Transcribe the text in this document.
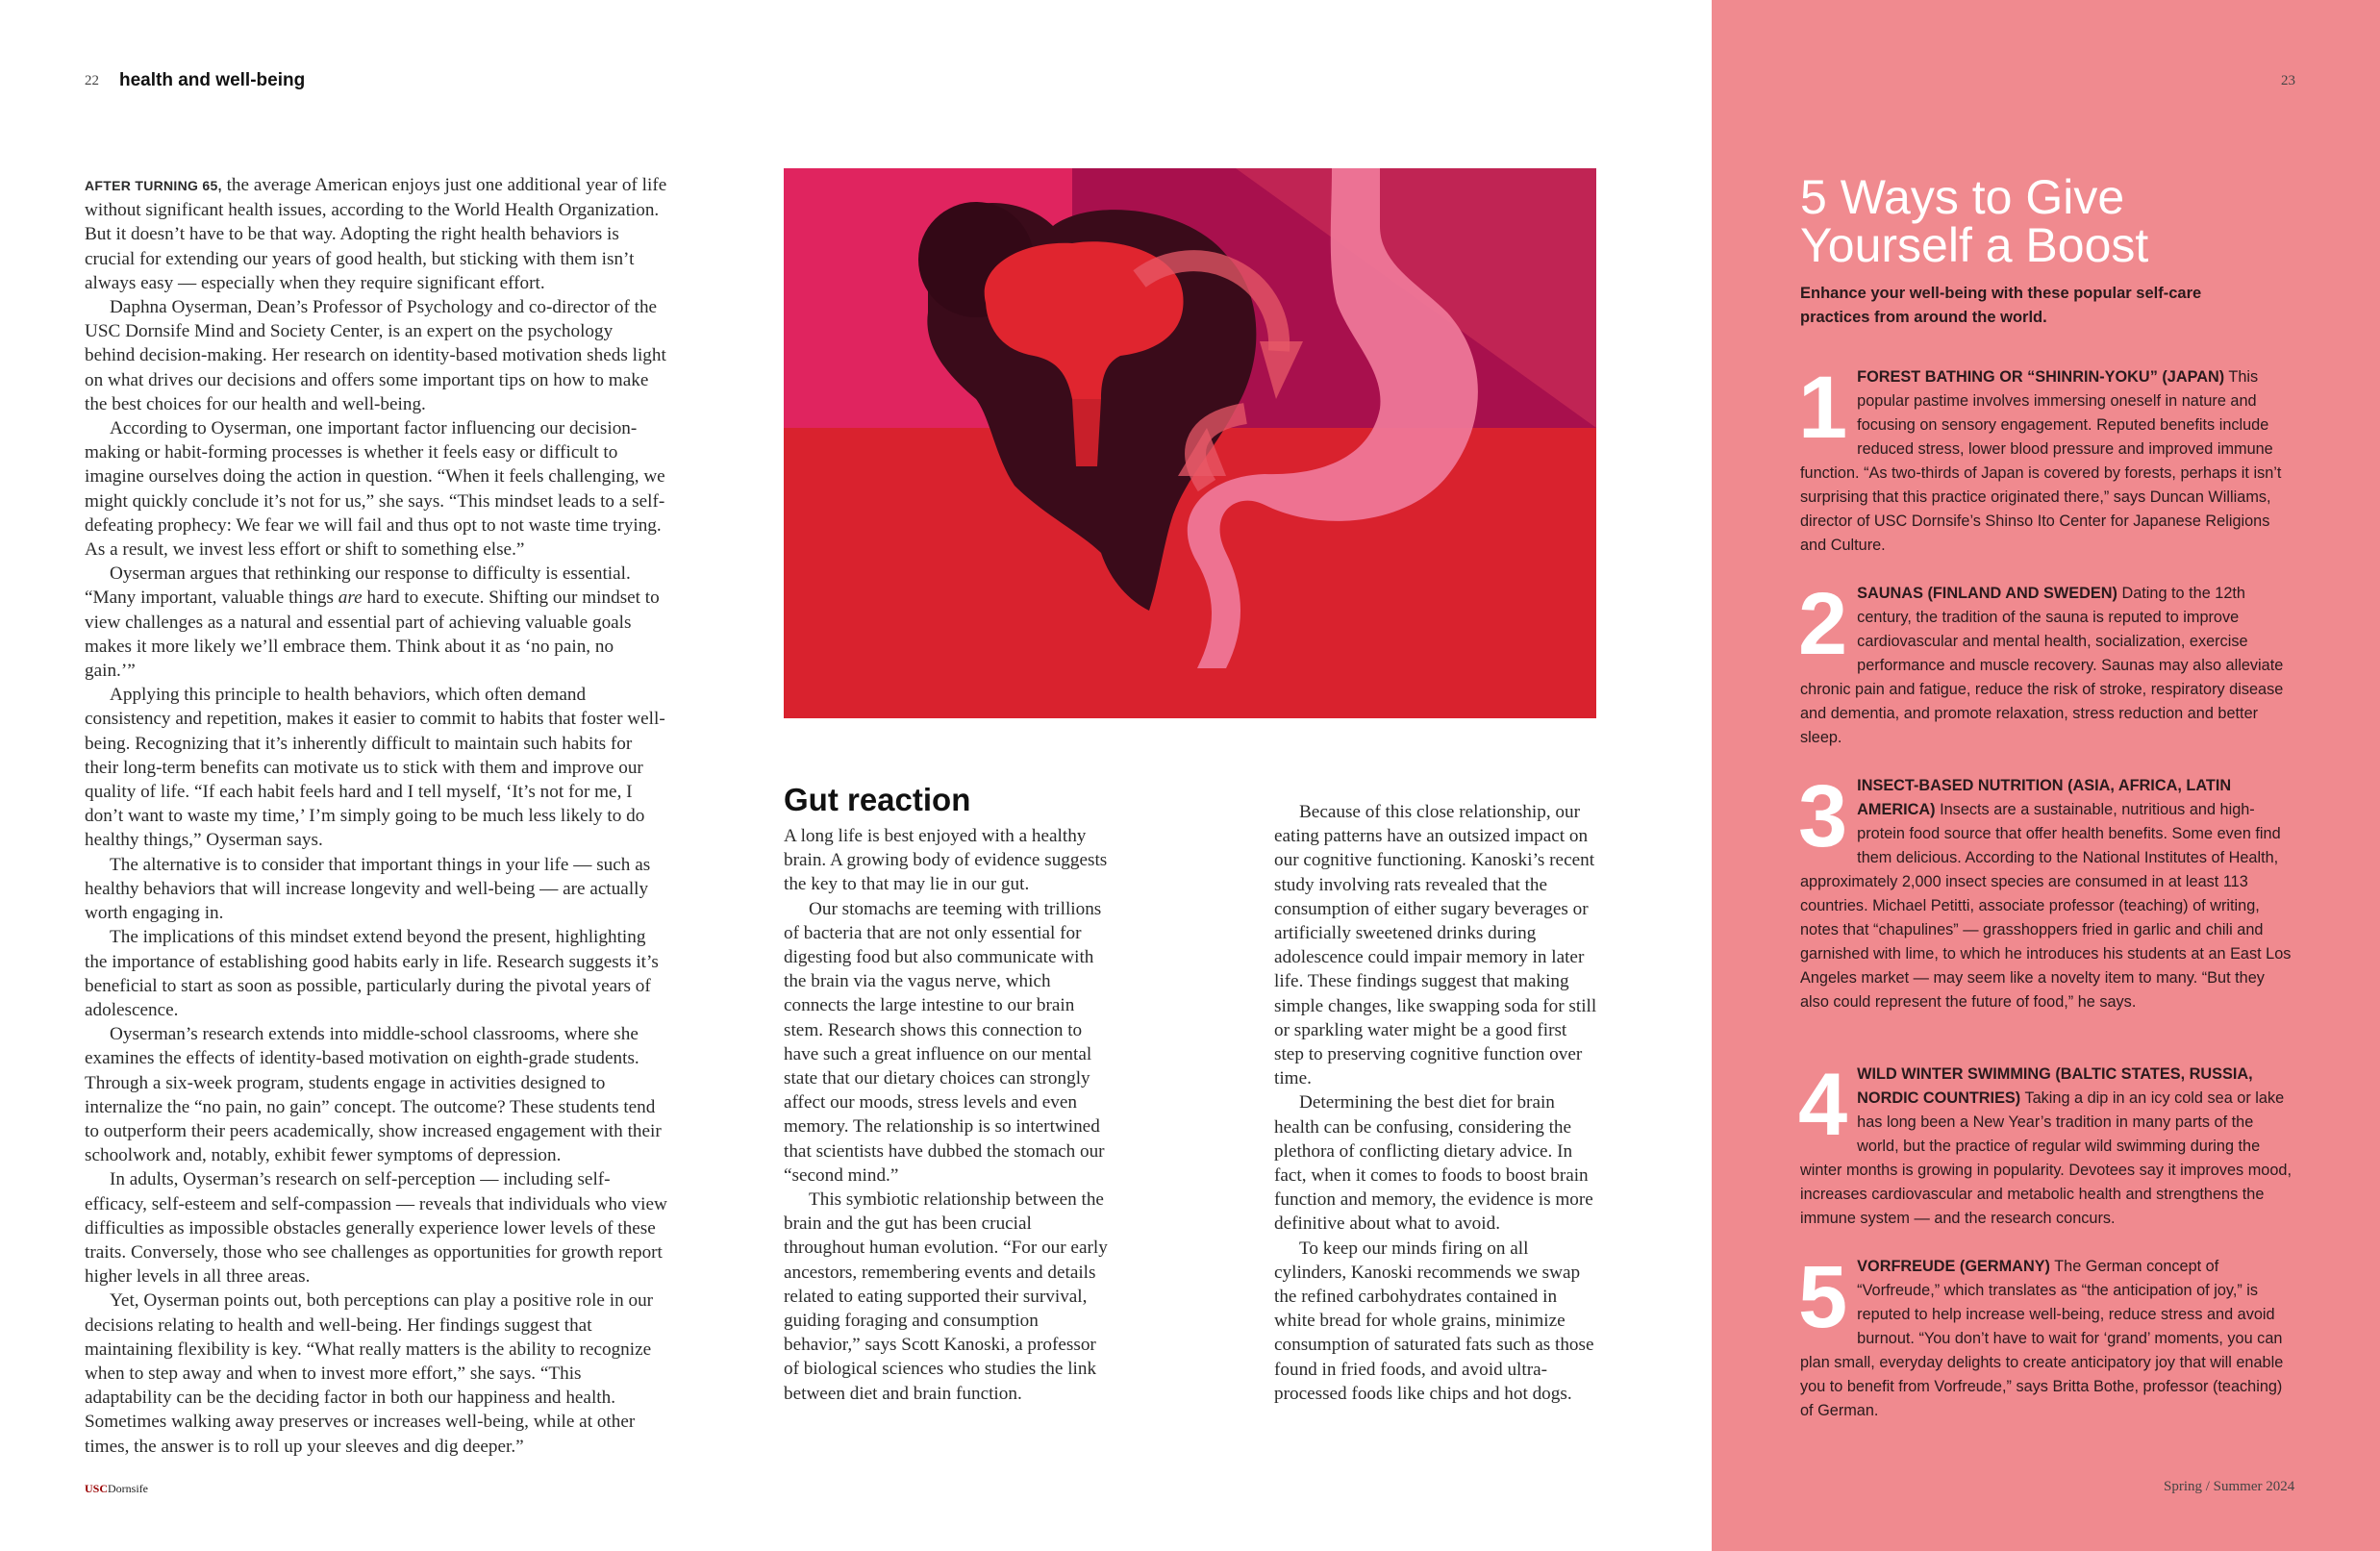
22 health and well-being

AFTER TURNING 65, the average American enjoys just one additional year of life without significant health issues, according to the World Health Organization. But it doesn’t have to be that way. Adopting the right health behaviors is crucial for extending our years of good health, but sticking with them isn’t always easy — especially when they require significant effort.

Daphna Oyserman, Dean’s Professor of Psychology and co-director of the USC Dornsife Mind and Society Center, is an expert on the psychology behind decision-making. Her research on identity-based motivation sheds light on what drives our decisions and offers some important tips on how to make the best choices for our health and well-being.

According to Oyserman, one important factor influencing our decision-making or habit-forming processes is whether it feels easy or difficult to imagine ourselves doing the action in question. “When it feels challenging, we might quickly conclude it’s not for us,” she says. “This mindset leads to a self-defeating prophecy: We fear we will fail and thus opt to not waste time trying. As a result, we invest less effort or shift to something else.”

Oyserman argues that rethinking our response to difficulty is essential. “Many important, valuable things are hard to execute. Shifting our mindset to view challenges as a natural and essential part of achieving valuable goals makes it more likely we’ll embrace them. Think about it as ‘no pain, no gain.’”

Applying this principle to health behaviors, which often demand consistency and repetition, makes it easier to commit to habits that foster well-being. Recognizing that it’s inherently difficult to maintain such habits for their long-term benefits can motivate us to stick with them and improve our quality of life. “If each habit feels hard and I tell myself, ‘It’s not for me, I don’t want to waste my time,’ I’m simply going to be much less likely to do healthy things,” Oyserman says.

The alternative is to consider that important things in your life — such as healthy behaviors that will increase longevity and well-being — are actually worth engaging in.

The implications of this mindset extend beyond the present, highlighting the importance of establishing good habits early in life. Research suggests it’s beneficial to start as soon as possible, particularly during the pivotal years of adolescence.

Oyserman’s research extends into middle-school classrooms, where she examines the effects of identity-based motivation on eighth-grade students. Through a six-week program, students engage in activities designed to internalize the “no pain, no gain” concept. The outcome? These students tend to outperform their peers academically, show increased engagement with their schoolwork and, notably, exhibit fewer symptoms of depression.

In adults, Oyserman’s research on self-perception — including self-efficacy, self-esteem and self-compassion — reveals that individuals who view difficulties as impossible obstacles generally experience lower levels of these traits. Conversely, those who see challenges as opportunities for growth report higher levels in all three areas.

Yet, Oyserman points out, both perceptions can play a positive role in our decisions relating to health and well-being. Her findings suggest that maintaining flexibility is key. “What really matters is the ability to recognize when to step away and when to invest more effort,” she says. “This adaptability can be the deciding factor in both our happiness and health. Sometimes walking away preserves or increases well-being, while at other times, the answer is to roll up your sleeves and dig deeper.”

Gut reaction

A long life is best enjoyed with a healthy brain. A growing body of evidence suggests the key to that may lie in our gut.

Our stomachs are teeming with trillions of bacteria that are not only essential for digesting food but also communicate with the brain via the vagus nerve, which connects the large intestine to our brain stem. Research shows this connection to have such a great influence on our mental state that our dietary choices can strongly affect our moods, stress levels and even memory. The relationship is so intertwined that scientists have dubbed the stomach our “second mind.”

This symbiotic relationship between the brain and the gut has been crucial throughout human evolution. “For our early ancestors, remembering events and details related to eating supported their survival, guiding foraging and consumption behavior,” says Scott Kanoski, a professor of biological sciences who studies the link between diet and brain function.

Because of this close relationship, our eating patterns have an outsized impact on our cognitive functioning. Kanoski’s recent study involving rats revealed that the consumption of either sugary beverages or artificially sweetened drinks during adolescence could impair memory in later life. These findings suggest that making simple changes, like swapping soda for still or sparkling water might be a good first step to preserving cognitive function over time.

Determining the best diet for brain health can be confusing, considering the plethora of conflicting dietary advice. In fact, when it comes to foods to boost brain function and memory, the evidence is more definitive about what to avoid.

To keep our minds firing on all cylinders, Kanoski recommends we swap the refined carbohydrates contained in white bread for whole grains, minimize consumption of saturated fats such as those found in fried foods, and avoid ultra-processed foods like chips and hot dogs.

USCDornsife
23
5 Ways to Give
Yourself a Boost
Enhance your well-being with these popular self-care practices from around the world.
1 FOREST BATHING OR “SHINRIN-YOKU” (JAPAN) This popular pastime involves immersing oneself in nature and focusing on sensory engagement. Reputed benefits include reduced stress, lower blood pressure and improved immune function. “As two-thirds of Japan is covered by forests, perhaps it isn’t surprising that this practice originated there,” says Duncan Williams, director of USC Dornsife’s Shinso Ito Center for Japanese Religions and Culture.
2 SAUNAS (FINLAND AND SWEDEN) Dating to the 12th century, the tradition of the sauna is reputed to improve cardiovascular and mental health, socialization, exercise performance and muscle recovery. Saunas may also alleviate chronic pain and fatigue, reduce the risk of stroke, respiratory disease and dementia, and promote relaxation, stress reduction and better sleep.
3 INSECT-BASED NUTRITION (ASIA, AFRICA, LATIN AMERICA) Insects are a sustainable, nutritious and high-protein food source that offer health benefits. Some even find them delicious. According to the National Institutes of Health, approximately 2,000 insect species are consumed in at least 113 countries. Michael Petitti, associate professor (teaching) of writing, notes that “chapulines” — grasshoppers fried in garlic and chili and garnished with lime, to which he introduces his students at an East Los Angeles market — may seem like a novelty item to many. “But they also could represent the future of food,” he says.
4 WILD WINTER SWIMMING (BALTIC STATES, RUSSIA, NORDIC COUNTRIES) Taking a dip in an icy cold sea or lake has long been a New Year’s tradition in many parts of the world, but the practice of regular wild swimming during the winter months is growing in popularity. Devotees say it improves mood, increases cardiovascular and metabolic health and strengthens the immune system — and the research concurs.
5 VORFREUDE (GERMANY) The German concept of “Vorfreude,” which translates as “the anticipation of joy,” is reputed to help increase well-being, reduce stress and avoid burnout. “You don’t have to wait for ‘grand’ moments, you can plan small, everyday delights to create anticipatory joy that will enable you to benefit from Vorfreude,” says Britta Bothe, professor (teaching) of German.
Spring / Summer 2024
